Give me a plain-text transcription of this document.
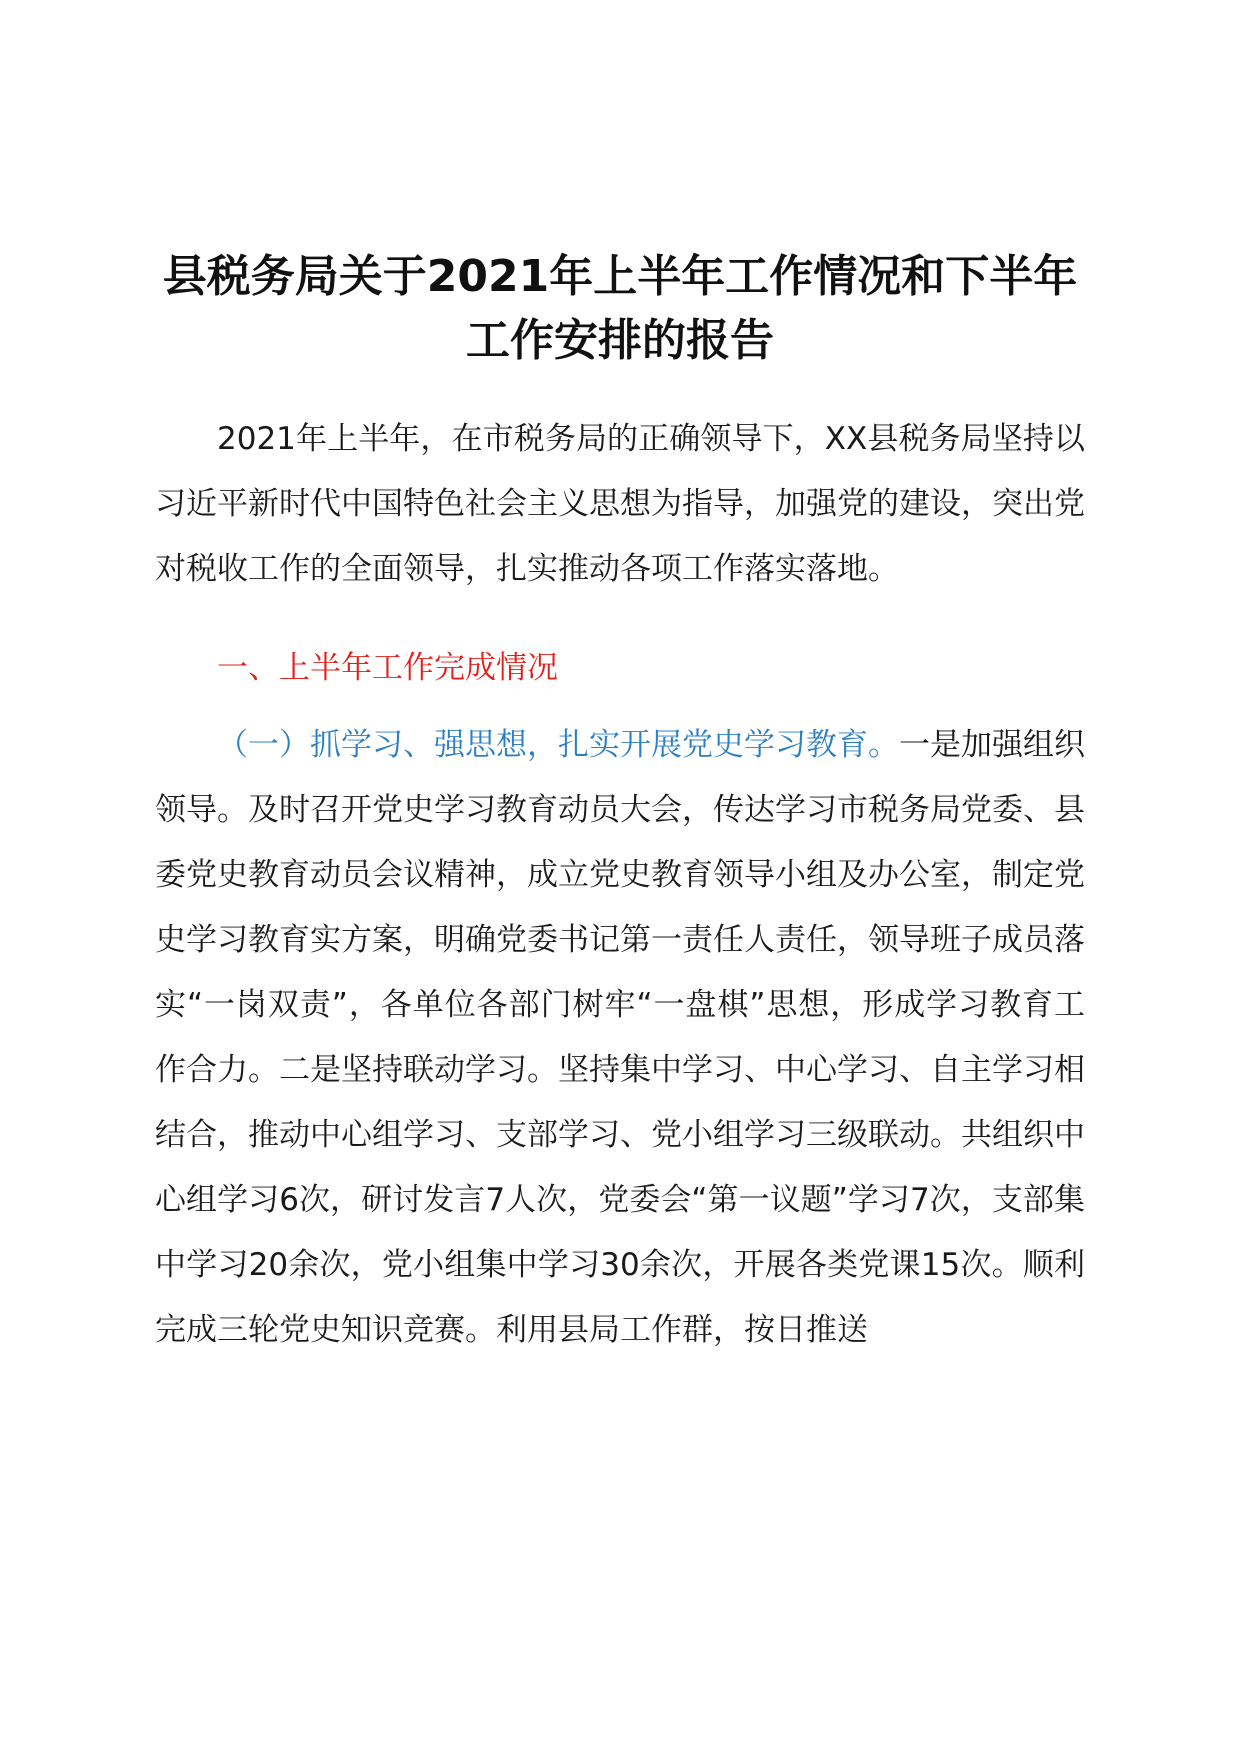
县税务局关于2021年上半年工作情况和下半年工作安排的报告

2021年上半年，在市税务局的正确领导下，XX县税务局坚持以习近平新时代中国特色社会主义思想为指导，加强党的建设，突出党对税收工作的全面领导，扎实推动各项工作落实落地。

一、上半年工作完成情况

（一）抓学习、强思想，扎实开展党史学习教育。一是加强组织领导。及时召开党史学习教育动员大会，传达学习市税务局党委、县委党史教育动员会议精神，成立党史教育领导小组及办公室，制定党史学习教育实方案，明确党委书记第一责任人责任，领导班子成员落实“一岗双责”，各单位各部门树牢“一盘棋”思想，形成学习教育工作合力。二是坚持联动学习。坚持集中学习、中心学习、自主学习相结合，推动中心组学习、支部学习、党小组学习三级联动。共组织中心组学习6次，研讨发言7人次，党委会“第一议题”学习7次，支部集中学习20余次，党小组集中学习30余次，开展各类党课15次。顺利完成三轮党史知识竞赛。利用县局工作群，按日推送
